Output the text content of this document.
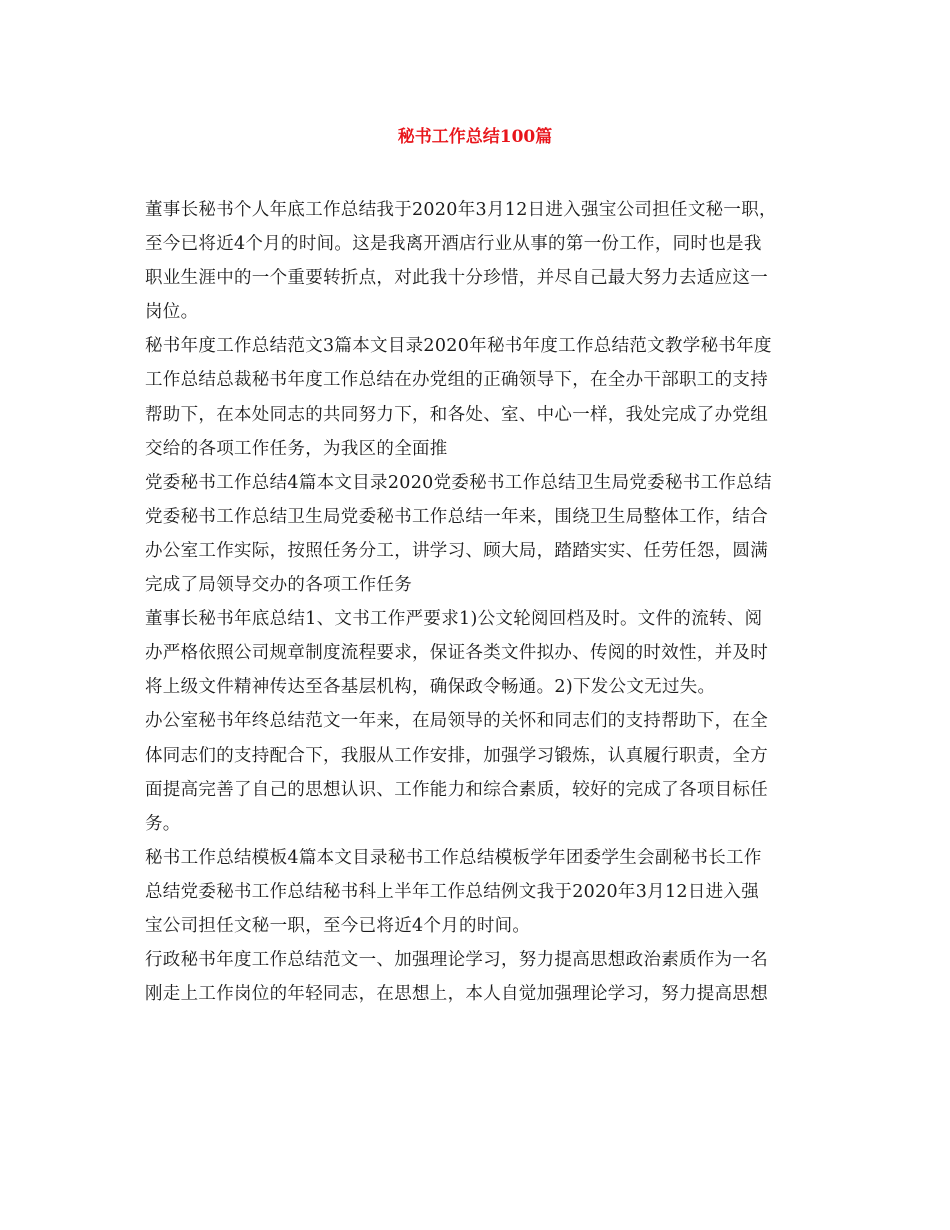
秘书工作总结100篇
董事长秘书个人年底工作总结我于2020年3月12日进入强宝公司担任文秘一职，
至今已将近4个月的时间。这是我离开酒店行业从事的第一份工作，同时也是我
职业生涯中的一个重要转折点，对此我十分珍惜，并尽自己最大努力去适应这一
岗位。
秘书年度工作总结范文3篇本文目录2020年秘书年度工作总结范文教学秘书年度
工作总结总裁秘书年度工作总结在办党组的正确领导下，在全办干部职工的支持
帮助下，在本处同志的共同努力下，和各处、室、中心一样，我处完成了办党组
交给的各项工作任务，为我区的全面推
党委秘书工作总结4篇本文目录2020党委秘书工作总结卫生局党委秘书工作总结
党委秘书工作总结卫生局党委秘书工作总结一年来，围绕卫生局整体工作，结合
办公室工作实际，按照任务分工，讲学习、顾大局，踏踏实实、任劳任怨，圆满
完成了局领导交办的各项工作任务
董事长秘书年底总结1、文书工作严要求1)公文轮阅回档及时。文件的流转、阅
办严格依照公司规章制度流程要求，保证各类文件拟办、传阅的时效性，并及时
将上级文件精神传达至各基层机构，确保政令畅通。2)下发公文无过失。
办公室秘书年终总结范文一年来，在局领导的关怀和同志们的支持帮助下，在全
体同志们的支持配合下，我服从工作安排，加强学习锻炼，认真履行职责，全方
面提高完善了自己的思想认识、工作能力和综合素质，较好的完成了各项目标任
务。
秘书工作总结模板4篇本文目录秘书工作总结模板学年团委学生会副秘书长工作
总结党委秘书工作总结秘书科上半年工作总结例文我于2020年3月12日进入强
宝公司担任文秘一职，至今已将近4个月的时间。
行政秘书年度工作总结范文一、加强理论学习，努力提高思想政治素质作为一名
刚走上工作岗位的年轻同志，在思想上，本人自觉加强理论学习，努力提高思想
